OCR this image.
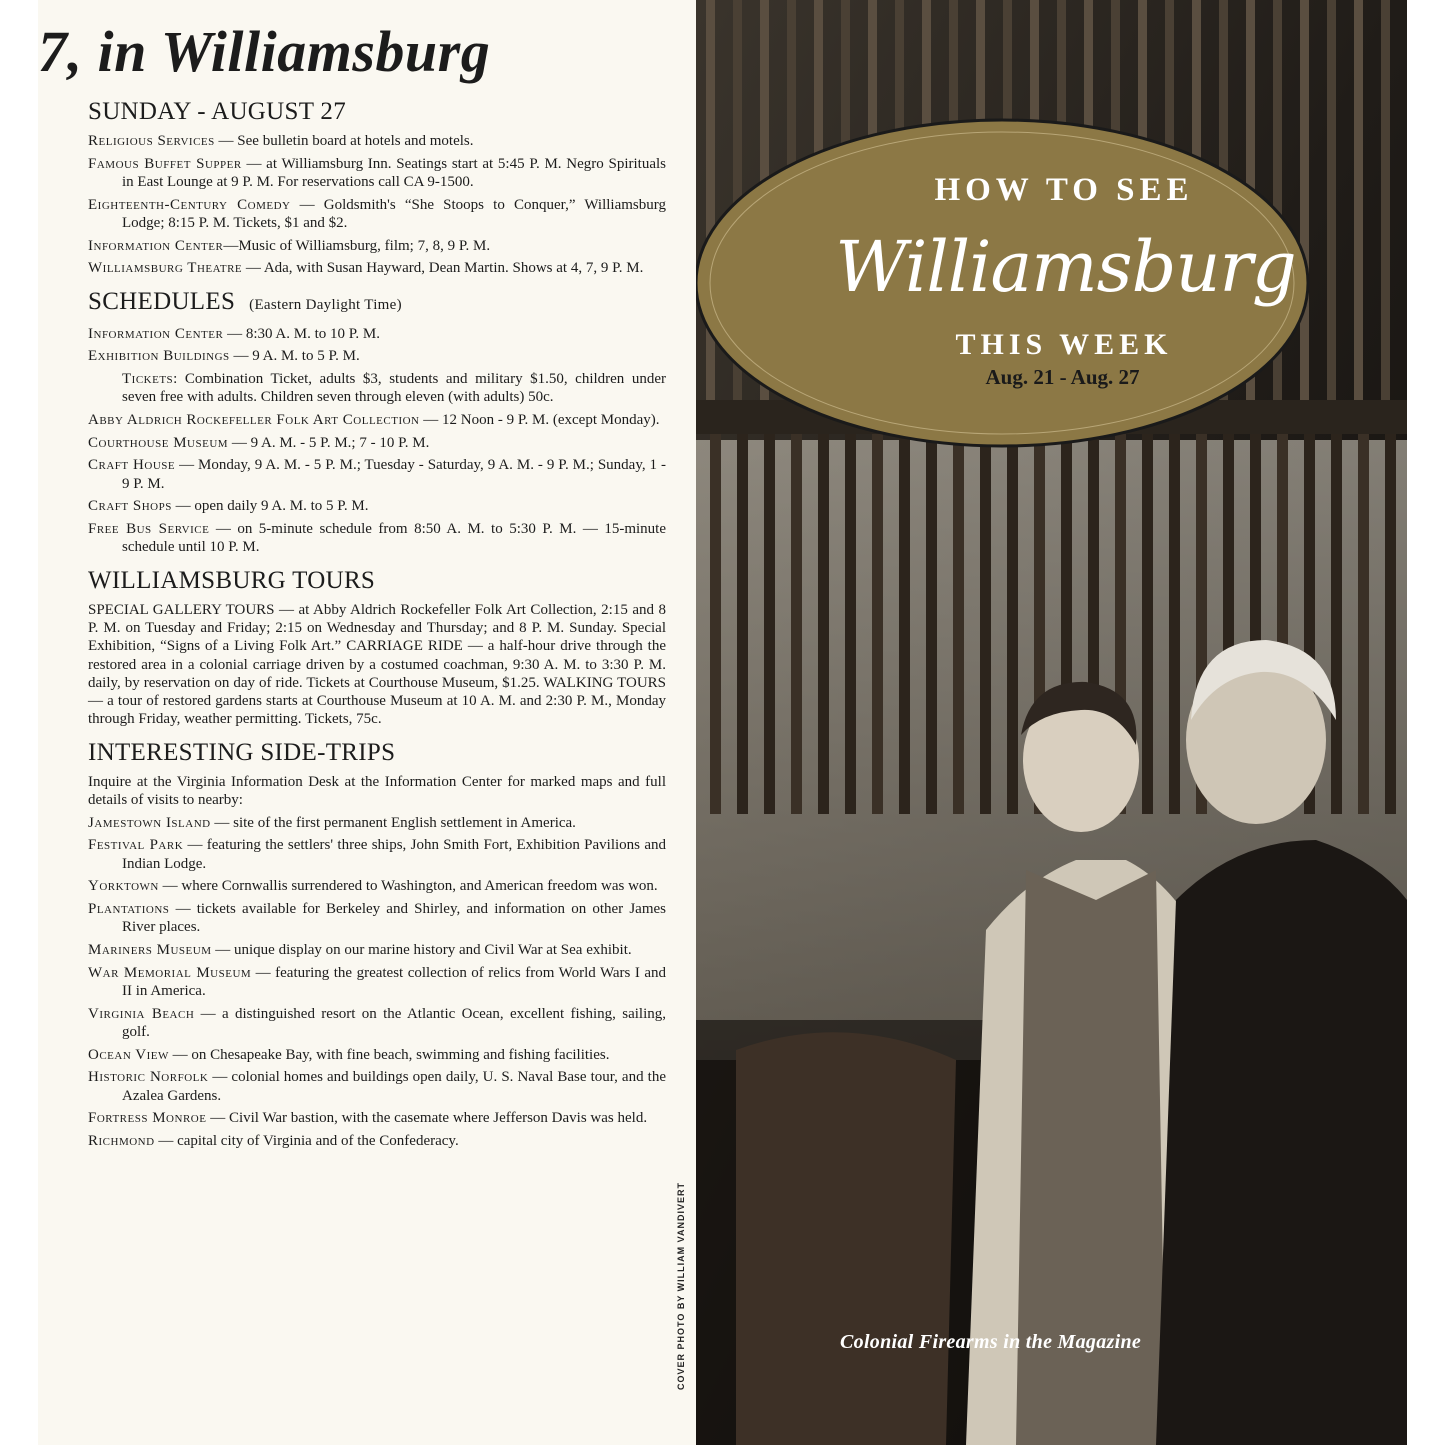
7, in Williamsburg
SUNDAY - AUGUST 27
Religious Services — See bulletin board at hotels and motels.
Famous Buffet Supper — at Williamsburg Inn. Seatings start at 5:45 P. M. Negro Spirituals in East Lounge at 9 P. M. For reservations call CA 9-1500.
Eighteenth-Century Comedy — Goldsmith's “She Stoops to Conquer,” Williamsburg Lodge; 8:15 P. M. Tickets, $1 and $2.
Information Center—Music of Williamsburg, film; 7, 8, 9 P. M.
Williamsburg Theatre — Ada, with Susan Hayward, Dean Martin. Shows at 4, 7, 9 P. M.
SCHEDULES (Eastern Daylight Time)
Information Center — 8:30 A. M. to 10 P. M.
Exhibition Buildings — 9 A. M. to 5 P. M.
Tickets: Combination Ticket, adults $3, students and military $1.50, children under seven free with adults. Children seven through eleven (with adults) 50c.
Abby Aldrich Rockefeller Folk Art Collection — 12 Noon - 9 P. M. (except Monday).
Courthouse Museum — 9 A. M. - 5 P. M.; 7 - 10 P. M.
Craft House — Monday, 9 A. M. - 5 P. M.; Tuesday - Saturday, 9 A. M. - 9 P. M.; Sunday, 1 - 9 P. M.
Craft Shops — open daily 9 A. M. to 5 P. M.
Free Bus Service — on 5-minute schedule from 8:50 A. M. to 5:30 P. M. — 15-minute schedule until 10 P. M.
WILLIAMSBURG TOURS
SPECIAL GALLERY TOURS — at Abby Aldrich Rockefeller Folk Art Collection, 2:15 and 8 P. M. on Tuesday and Friday; 2:15 on Wednesday and Thursday; and 8 P. M. Sunday. Special Exhibition, “Signs of a Living Folk Art.” CARRIAGE RIDE — a half-hour drive through the restored area in a colonial carriage driven by a costumed coachman, 9:30 A. M. to 3:30 P. M. daily, by reservation on day of ride. Tickets at Courthouse Museum, $1.25. WALKING TOURS — a tour of restored gardens starts at Courthouse Museum at 10 A. M. and 2:30 P. M., Monday through Friday, weather permitting. Tickets, 75c.
INTERESTING SIDE-TRIPS
Inquire at the Virginia Information Desk at the Information Center for marked maps and full details of visits to nearby:
Jamestown Island — site of the first permanent English settlement in America.
Festival Park — featuring the settlers' three ships, John Smith Fort, Exhibition Pavilions and Indian Lodge.
Yorktown — where Cornwallis surrendered to Washington, and American freedom was won.
Plantations — tickets available for Berkeley and Shirley, and information on other James River places.
Mariners Museum — unique display on our marine history and Civil War at Sea exhibit.
War Memorial Museum — featuring the greatest collection of relics from World Wars I and II in America.
Virginia Beach — a distinguished resort on the Atlantic Ocean, excellent fishing, sailing, golf.
Ocean View — on Chesapeake Bay, with fine beach, swimming and fishing facilities.
Historic Norfolk — colonial homes and buildings open daily, U. S. Naval Base tour, and the Azalea Gardens.
Fortress Monroe — Civil War bastion, with the casemate where Jefferson Davis was held.
Richmond — capital city of Virginia and of the Confederacy.
HOW TO SEE
Williamsburg
THIS WEEK
Aug. 21 - Aug. 27
Colonial Firearms in the Magazine
COVER PHOTO BY WILLIAM VANDIVERT
